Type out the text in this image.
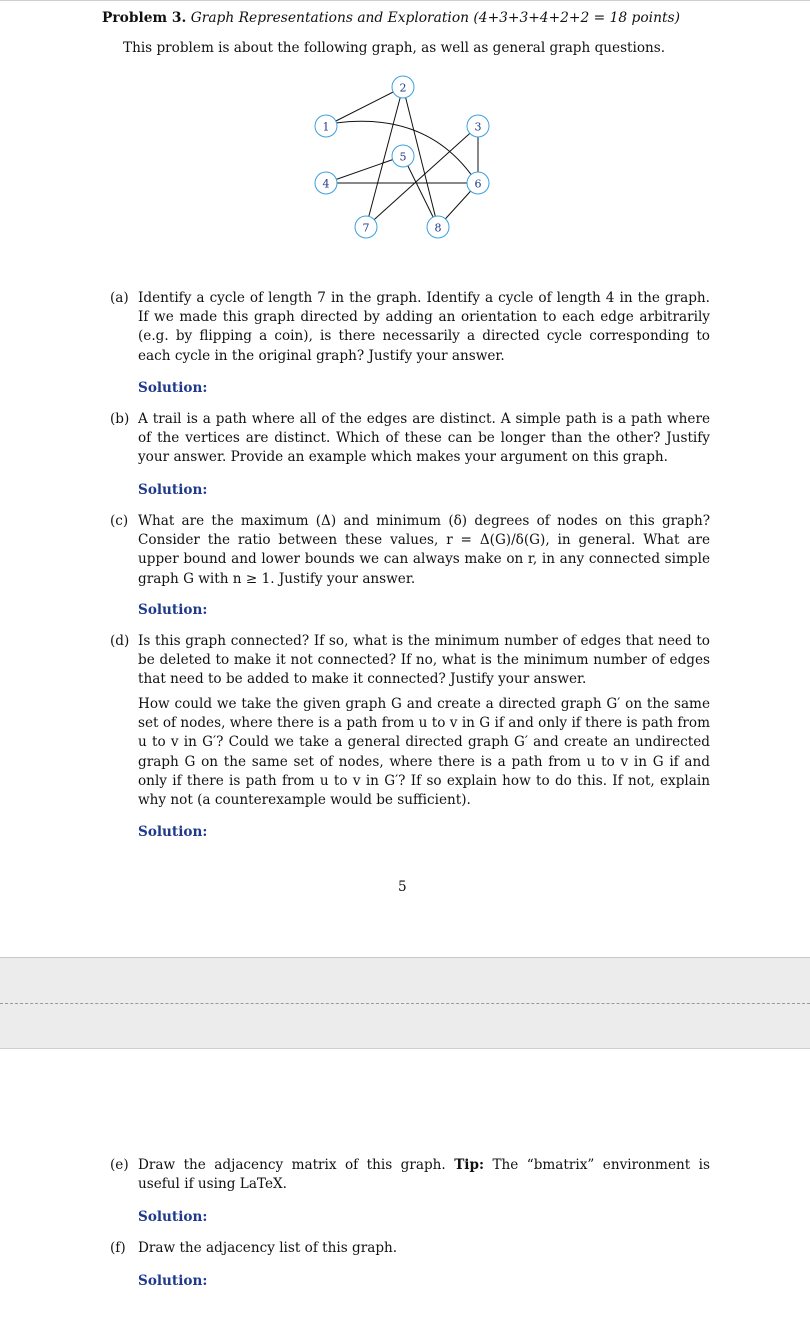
Problem 3. Graph Representations and Exploration (4+3+3+4+2+2 = 18 points)
This problem is about the following graph, as well as general graph questions.
1
2
3
4
5
6
7	8
(a) Identify a cycle of length 7 in the graph. Identify a cycle of length 4 in the graph. If we made this graph directed by adding an orientation to each edge arbitrarily (e.g. by flipping a coin), is there necessarily a directed cycle corresponding to each cycle in the original graph? Justify your answer.
Solution:
(b) A trail is a path where all of the edges are distinct. A simple path is a path where of the vertices are distinct. Which of these can be longer than the other? Justify your answer. Provide an example which makes your argument on this graph.
Solution:
(c) What are the maximum (Δ) and minimum (δ) degrees of nodes on this graph? Consider the ratio between these values, r = Δ(G)/δ(G), in general. What are upper bound and lower bounds we can always make on r, in any connected simple graph G with n ≥ 1. Justify your answer.
Solution:
(d) Is this graph connected? If so, what is the minimum number of edges that need to be deleted to make it not connected? If no, what is the minimum number of edges that need to be added to make it connected? Justify your answer.
How could we take the given graph G and create a directed graph G′ on the same set of nodes, where there is a path from u to v in G if and only if there is path from u to v in G′? Could we take a general directed graph G′ and create an undirected graph G on the same set of nodes, where there is a path from u to v in G if and only if there is path from u to v in G′? If so explain how to do this. If not, explain why not (a counterexample would be sufficient).
Solution:
5
(e) Draw the adjacency matrix of this graph. Tip: The “bmatrix” environment is useful if using LaTeX.
Solution:
(f) Draw the adjacency list of this graph.
Solution:
